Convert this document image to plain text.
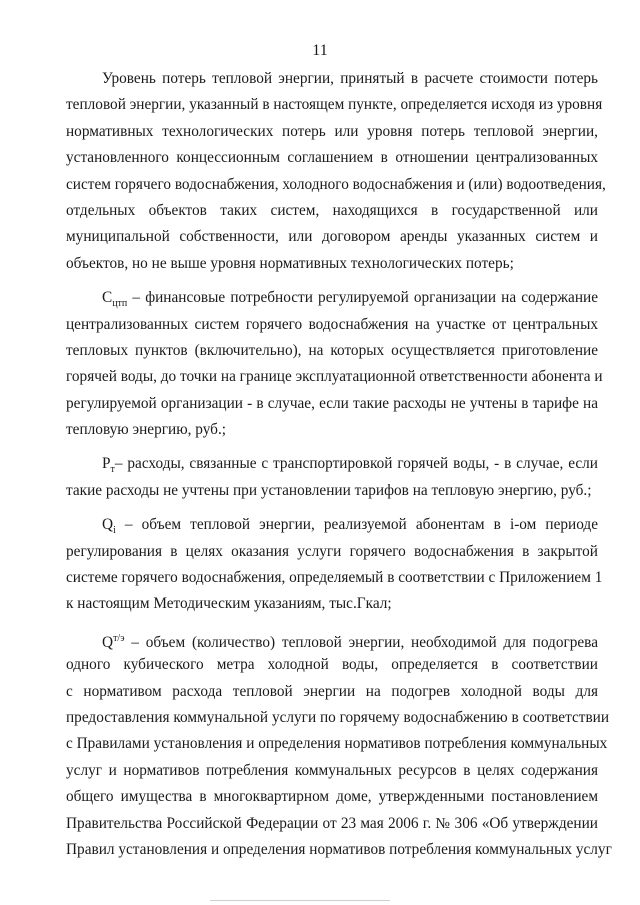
11
Уровень потерь тепловой энергии, принятый в расчете стоимости потерь
тепловой энергии, указанный в настоящем пункте, определяется исходя из уровня
нормативных технологических потерь или уровня потерь тепловой энергии,
установленного концессионным соглашением в отношении централизованных
систем горячего водоснабжения, холодного водоснабжения и (или) водоотведения,
отдельных объектов таких систем, находящихся в государственной или
муниципальной собственности, или договором аренды указанных систем и
объектов, но не выше уровня нормативных технологических потерь;
$С_{цтп}$ – финансовые потребности регулируемой организации на содержание
централизованных систем горячего водоснабжения на участке от центральных
тепловых пунктов (включительно), на которых осуществляется приготовление
горячей воды, до точки на границе эксплуатационной ответственности абонента и
регулируемой организации - в случае, если такие расходы не учтены в тарифе на
тепловую энергию, руб.;
$Р_т-$ расходы, связанные с транспортировкой горячей воды, - в случае, если
такие расходы не учтены при установлении тарифов на тепловую энергию, руб.;
$Q_i$ – объем тепловой энергии, реализуемой абонентам в i-ом периоде
регулирования в целях оказания услуги горячего водоснабжения в закрытой
системе горячего водоснабжения, определяемый в соответствии с Приложением 1
к настоящим Методическим указаниям, тыс.Гкал;
$Q^{т/э}$ – объем (количество) тепловой энергии, необходимой для подогрева
одного кубического метра холодной воды, определяется в соответствии
с нормативом расхода тепловой энергии на подогрев холодной воды для
предоставления коммунальной услуги по горячему водоснабжению в соответствии
с Правилами установления и определения нормативов потребления коммунальных
услуг и нормативов потребления коммунальных ресурсов в целях содержания
общего имущества в многоквартирном доме, утвержденными постановлением
Правительства Российской Федерации от 23 мая 2006 г. № 306 «Об утверждении
Правил установления и определения нормативов потребления коммунальных услуг
